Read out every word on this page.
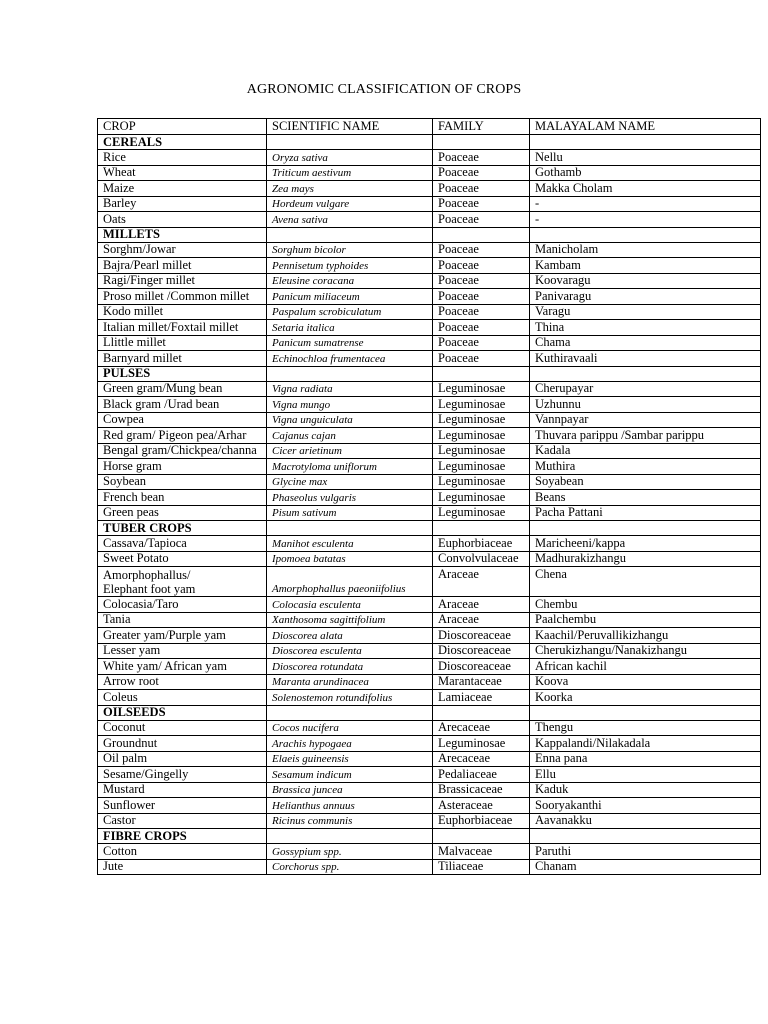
AGRONOMIC CLASSIFICATION OF CROPS
CROP	SCIENTIFIC NAME	FAMILY	MALAYALAM NAME
CEREALS			
Rice	Oryza sativa	Poaceae	Nellu
Wheat	Triticum aestivum	Poaceae	Gothamb
Maize	Zea mays	Poaceae	Makka Cholam
Barley	Hordeum vulgare	Poaceae	-
Oats	Avena sativa	Poaceae	-
MILLETS			
Sorghm/Jowar	Sorghum bicolor	Poaceae	Manicholam
Bajra/Pearl millet	Pennisetum typhoides	Poaceae	Kambam
Ragi/Finger millet	Eleusine coracana	Poaceae	Koovaragu
Proso millet /Common millet	Panicum miliaceum	Poaceae	Panivaragu
Kodo millet	Paspalum scrobiculatum	Poaceae	Varagu
Italian millet/Foxtail millet	Setaria italica	Poaceae	Thina
Llittle millet	Panicum sumatrense	Poaceae	Chama
Barnyard millet	Echinochloa frumentacea	Poaceae	Kuthiravaali
PULSES			
Green gram/Mung bean	Vigna radiata	Leguminosae	Cherupayar
Black gram /Urad bean	Vigna mungo	Leguminosae	Uzhunnu
Cowpea	Vigna unguiculata	Leguminosae	Vannpayar
Red gram/ Pigeon pea/Arhar	Cajanus cajan	Leguminosae	Thuvara parippu /Sambar parippu
Bengal gram/Chickpea/channa	Cicer arietinum	Leguminosae	Kadala
Horse gram	Macrotyloma uniflorum	Leguminosae	Muthira
Soybean	Glycine max	Leguminosae	Soyabean
French bean	Phaseolus vulgaris	Leguminosae	Beans
Green peas	Pisum sativum	Leguminosae	Pacha Pattani
TUBER CROPS			
Cassava/Tapioca	Manihot esculenta	Euphorbiaceae	Maricheeni/kappa
Sweet Potato	Ipomoea batatas	Convolvulaceae	Madhurakizhangu
Amorphophallus/
Elephant foot yam	Amorphophallus paeoniifolius	Araceae	Chena
Colocasia/Taro	Colocasia esculenta	Araceae	Chembu
Tania	Xanthosoma sagittifolium	Araceae	Paalchembu
Greater yam/Purple yam	Dioscorea alata	Dioscoreaceae	Kaachil/Peruvallikizhangu
Lesser yam	Dioscorea esculenta	Dioscoreaceae	Cherukizhangu/Nanakizhangu
White yam/ African yam	Dioscorea rotundata	Dioscoreaceae	African kachil
Arrow root	Maranta arundinacea	Marantaceae	Koova
Coleus	Solenostemon rotundifolius	Lamiaceae	Koorka
OILSEEDS			
Coconut	Cocos nucifera	Arecaceae	Thengu
Groundnut	Arachis hypogaea	Leguminosae	Kappalandi/Nilakadala
Oil palm	Elaeis guineensis	Arecaceae	Enna pana
Sesame/Gingelly	Sesamum indicum	Pedaliaceae	Ellu
Mustard	Brassica juncea	Brassicaceae	Kaduk
Sunflower	Helianthus annuus	Asteraceae	Sooryakanthi
Castor	Ricinus communis	Euphorbiaceae	Aavanakku
FIBRE CROPS			
Cotton	Gossypium spp.	Malvaceae	Paruthi
Jute	Corchorus spp.	Tiliaceae	Chanam
